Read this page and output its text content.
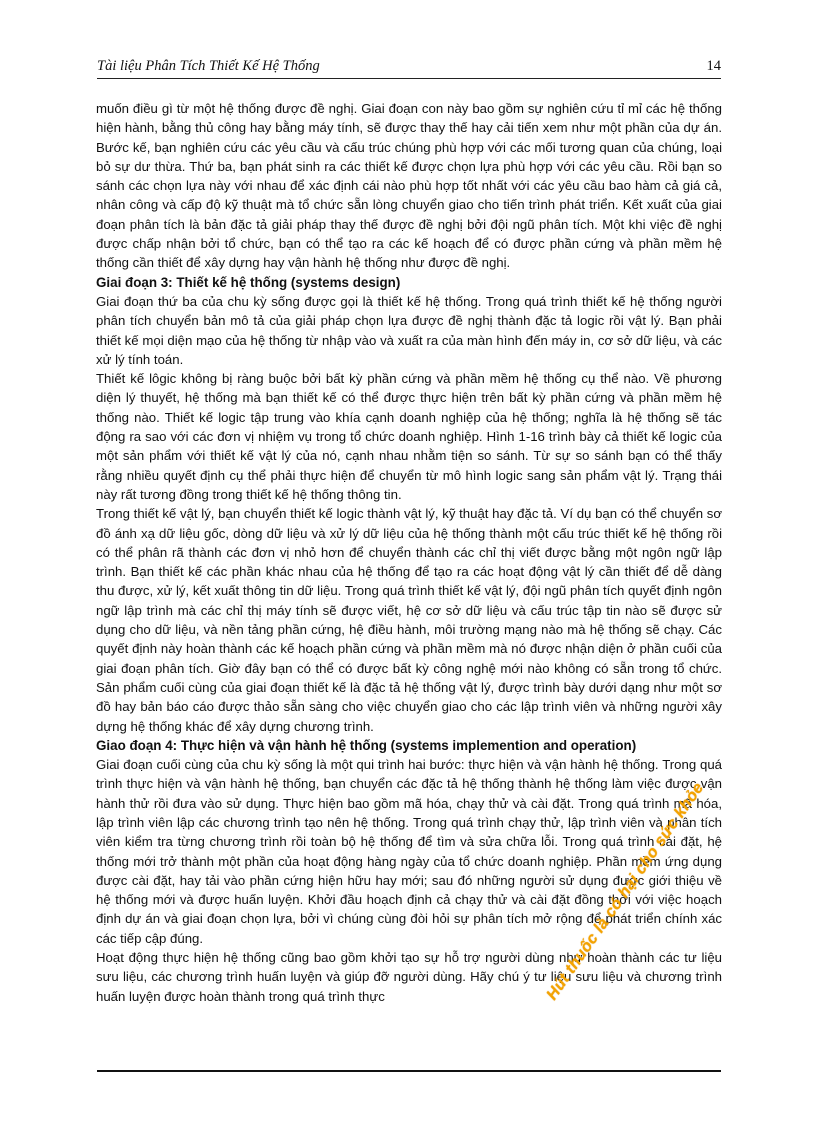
Tài liệu Phân Tích Thiết Kế Hệ Thống	14

muốn điều gì từ một hệ thống được đề nghị. Giai đoạn con này bao gồm sự nghiên cứu tỉ mỉ các hệ thống hiện hành, bằng thủ công hay bằng máy tính, sẽ được thay thế hay cải tiến xem như một phần của dự án. Bước kế, bạn nghiên cứu các yêu cầu và cấu trúc chúng phù hợp với các mối tương quan của chúng, loại bỏ sự dư thừa. Thứ ba, bạn phát sinh ra các thiết kế được chọn lựa phù hợp với các yêu cầu. Rồi bạn so sánh các chọn lựa này với nhau để xác định cái nào phù hợp tốt nhất với các yêu cầu bao hàm cả giá cả, nhân công và cấp độ kỹ thuật mà tổ chức sẵn lòng chuyển giao cho tiến trình phát triển. Kết xuất của giai đoạn phân tích là bản đặc tả giải pháp thay thế được đề nghị bởi đội ngũ phân tích. Một khi việc đề nghị được chấp nhận bởi tổ chức, bạn có thể tạo ra các kế hoạch để có được phần cứng và phần mềm hệ thống cần thiết để xây dựng hay vận hành hệ thống như được đề nghị.

Giai đoạn 3: Thiết kế hệ thống (systems design)

Giai đoạn thứ ba của chu kỳ sống được gọi là thiết kế hệ thống. Trong quá trình thiết kế hệ thống người phân tích chuyển bản mô tả của giải pháp chọn lựa được đề nghị thành đặc tả logic rồi vật lý. Bạn phải thiết kế mọi diện mạo của hệ thống từ nhập vào và xuất ra của màn hình đến máy in, cơ sở dữ liệu, và các xử lý tính toán.

Thiết kế lôgic không bị ràng buộc bởi bất kỳ phần cứng và phần mềm hệ thống cụ thể nào. Về phương diện lý thuyết, hệ thống mà bạn thiết kế có thể được thực hiện trên bất kỳ phần cứng và phần mềm hệ thống nào. Thiết kế logic tập trung vào khía cạnh doanh nghiệp của hệ thống; nghĩa là hệ thống sẽ tác động ra sao với các đơn vị nhiệm vụ trong tổ chức doanh nghiệp. Hình 1-16 trình bày cả thiết kế logic của một sản phẩm với thiết kế vật lý của nó, cạnh nhau nhằm tiện so sánh. Từ sự so sánh bạn có thể thấy rằng nhiều quyết định cụ thể phải thực hiện để chuyển từ mô hình logic sang sản phẩm vật lý. Trạng thái này rất tương đồng trong thiết kế hệ thống thông tin.

Trong thiết kế vật lý, bạn chuyển thiết kế logic thành vật lý, kỹ thuật hay đặc tả. Ví dụ bạn có thể chuyển sơ đồ ánh xạ dữ liệu gốc, dòng dữ liệu và xử lý dữ liệu của hệ thống thành một cấu trúc thiết kế hệ thống rồi có thể phân rã thành các đơn vị nhỏ hơn để chuyển thành các chỉ thị viết được bằng một ngôn ngữ lập trình. Bạn thiết kế các phần khác nhau của hệ thống để tạo ra các hoạt động vật lý cần thiết để dễ dàng thu được, xử lý, kết xuất thông tin dữ liệu. Trong quá trình thiết kế vật lý, đội ngũ phân tích quyết định ngôn ngữ lập trình mà các chỉ thị máy tính sẽ được viết, hệ cơ sở dữ liệu và cấu trúc tập tin nào sẽ được sử dụng cho dữ liệu, và nền tảng phần cứng, hệ điều hành, môi trường mạng nào mà hệ thống sẽ chạy. Các quyết định này hoàn thành các kế hoạch phần cứng và phần mềm mà nó được nhận diện ở phần cuối của giai đoạn phân tích. Giờ đây bạn có thể có được bất kỳ công nghệ mới nào không có sẵn trong tổ chức. Sản phẩm cuối cùng của giai đoạn thiết kế là đặc tả hệ thống vật lý, được trình bày dưới dạng như một sơ đồ hay bản báo cáo được thảo sẵn sàng cho việc chuyển giao cho các lập trình viên và những người xây dựng hệ thống khác để xây dựng chương trình.

Giao đoạn 4: Thực hiện và vận hành hệ thống (systems implemention and operation)

Giai đoạn cuối cùng của chu kỳ sống là một qui trình hai bước: thực hiện và vận hành hệ thống. Trong quá trình thực hiện và vận hành hệ thống, bạn chuyển các đặc tả hệ thống thành hệ thống làm việc được vận hành thử rồi đưa vào sử dụng. Thực hiện bao gồm mã hóa, chạy thử và cài đặt. Trong quá trình mã hóa, lập trình viên lập các chương trình tạo nên hệ thống. Trong quá trình chạy thử, lập trình viên và phân tích viên kiểm tra từng chương trình rồi toàn bộ hệ thống để tìm và sửa chữa lỗi. Trong quá trình cài đặt, hệ thống mới trở thành một phần của hoạt động hàng ngày của tổ chức doanh nghiệp. Phần mềm ứng dụng được cài đặt, hay tải vào phần cứng hiện hữu hay mới; sau đó những người sử dụng được giới thiệu về hệ thống mới và được huấn luyện. Khởi đầu hoạch định cả chạy thử và cài đặt đồng thời với việc hoạch định dự án và giai đoạn chọn lựa, bởi vì chúng cùng đòi hỏi sự phân tích mở rộng để phát triển chính xác các tiếp cập đúng.

Hoạt động thực hiện hệ thống cũng bao gồm khởi tạo sự hỗ trợ người dùng như hoàn thành các tư liệu sưu liệu, các chương trình huấn luyện và giúp đỡ người dùng. Hãy chú ý tư liệu sưu liệu và chương trình huấn luyện được hoàn thành trong quá trình thực	Hút thuốc là có hại cho sức khỏe
